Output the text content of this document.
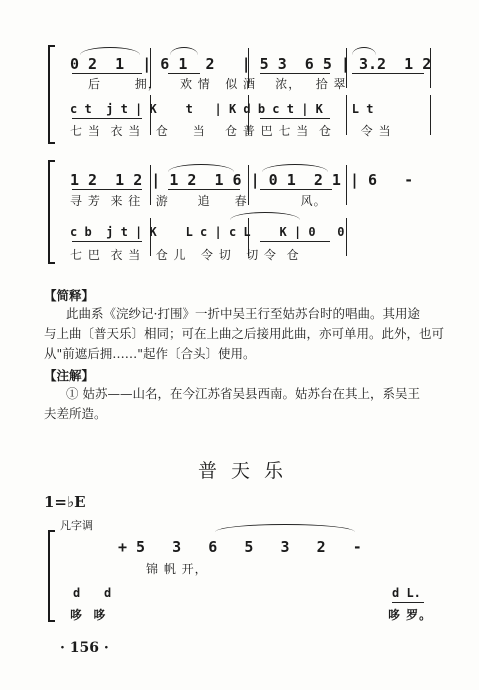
0 2  1  | 6 1  2   | 5 3  6 5 | 3.2  1 2
后       拥，    欢 情   似 酒    浓，   拾 翠
c t  j t | K    t   | K d b c t | K    L t
七 当  衣 当   仓     当    仓 普 巴 七 当  仓      令 当
1 2  1 2 | 1 2  1 6 | 0 1  2 1 | 6   -
寻 芳  来 往   游      追     春           风。
c b  j t | K    L c | c L    K | 0   0
七 巴  衣 当   仓 儿   令 切   切 令  仓
【简释】
此曲系《浣纱记·打围》一折中吴王行至姑苏台时的唱曲。其用途
与上曲〔普天乐〕相同；可在上曲之后接用此曲，亦可单用。此外，也可
从"前遮后拥……"起作〔合头〕使用。
【注解】
① 姑苏——山名，在今江苏省吴县西南。姑苏台在其上，系吴王
夫差所造。
普天乐
1=♭E
凡字调
+ 5   3   6   5   3   2   -
锦 帆 开，
d d	d L.
哆  哆	哆 罗。
· 156 ·
